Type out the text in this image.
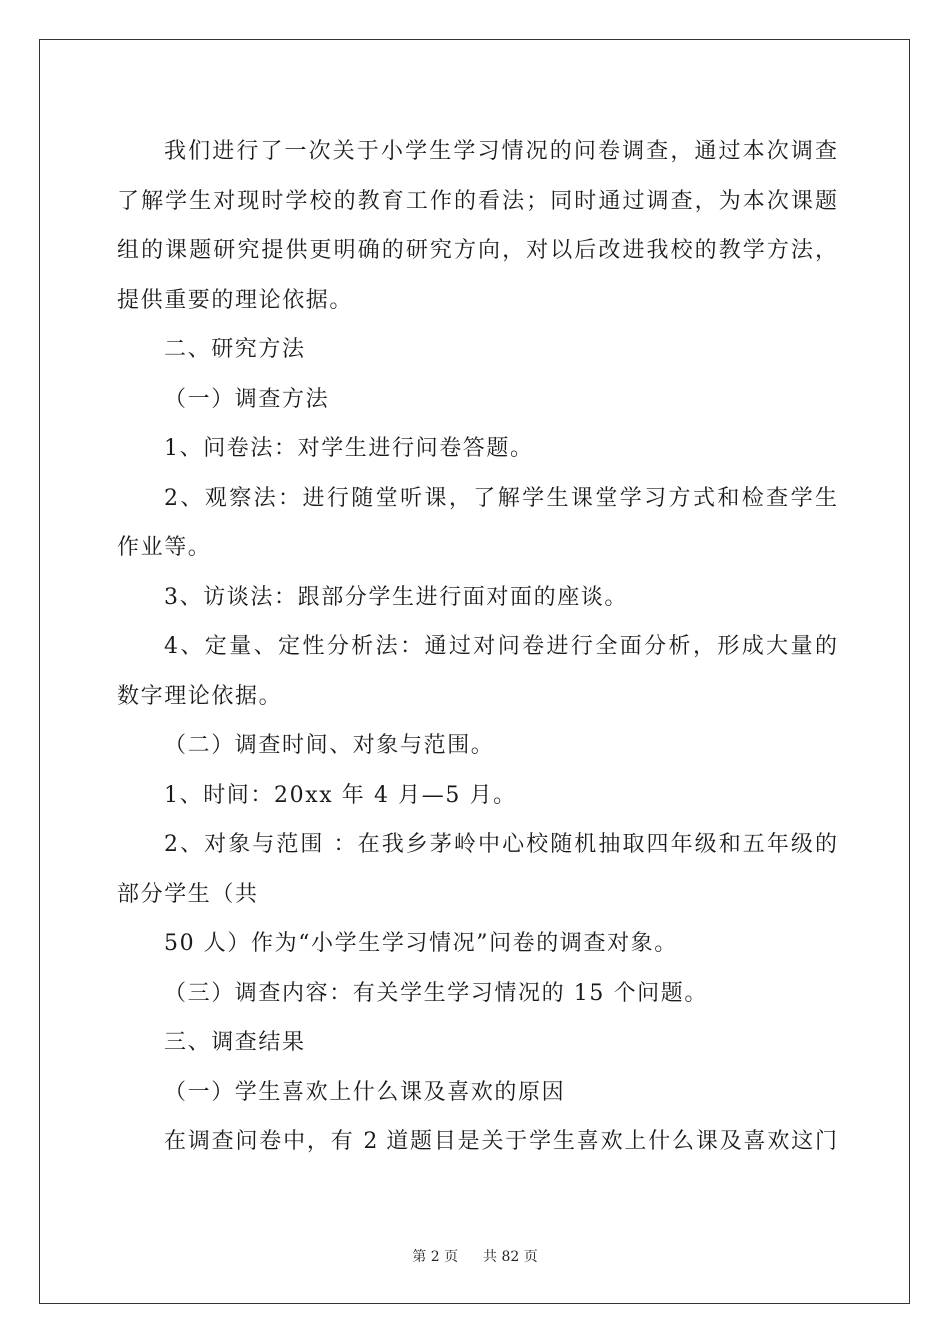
我们进行了一次关于小学生学习情况的问卷调查，通过本次调查
了解学生对现时学校的教育工作的看法；同时通过调查，为本次课题
组的课题研究提供更明确的研究方向，对以后改进我校的教学方法，
提供重要的理论依据。
二、研究方法
（一）调查方法
1、问卷法：对学生进行问卷答题。
2、观察法：进行随堂听课，了解学生课堂学习方式和检查学生
作业等。
3、访谈法：跟部分学生进行面对面的座谈。
4、定量、定性分析法：通过对问卷进行全面分析，形成大量的
数字理论依据。
（二）调查时间、对象与范围。
1、时间：20xx 年 4 月—5 月。
2、对象与范围 ：在我乡茅岭中心校随机抽取四年级和五年级的
部分学生（共
50 人）作为“小学生学习情况”问卷的调查对象。
（三）调查内容：有关学生学习情况的 15 个问题。
三、调查结果
（一）学生喜欢上什么课及喜欢的原因
在调查问卷中，有 2 道题目是关于学生喜欢上什么课及喜欢这门
第 2 页 共 82 页
